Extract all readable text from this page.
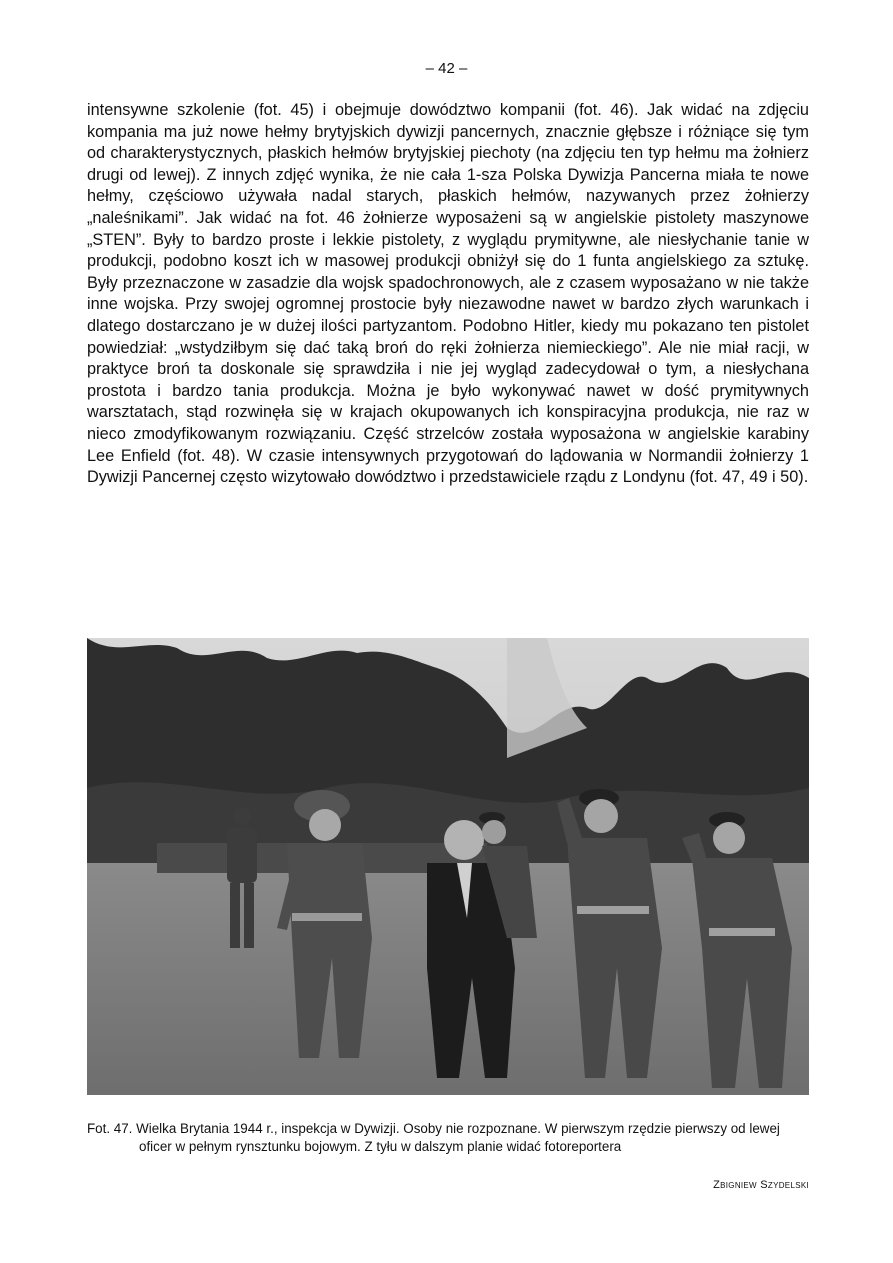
– 42 –

intensywne szkolenie (fot. 45) i obejmuje dowództwo kompanii (fot. 46). Jak widać na zdjęciu kompania ma już nowe hełmy brytyjskich dywizji pancernych, znacznie głębsze i różniące się tym od charakterystycznych, płaskich hełmów brytyjskiej piechoty (na zdjęciu ten typ hełmu ma żołnierz drugi od lewej). Z innych zdjęć wynika, że nie cała 1-sza Polska Dywizja Pancerna miała te nowe hełmy, częściowo używała nadal starych, płaskich hełmów, nazywanych przez żołnierzy „naleśnikami”. Jak widać na fot. 46 żołnierze wyposażeni są w angielskie pistolety maszynowe „STEN”. Były to bardzo proste i lekkie pistolety, z wyglądu prymitywne, ale niesłychanie tanie w produkcji, podobno koszt ich w masowej produkcji obniżył się do 1 funta angielskiego za sztukę. Były przeznaczone w zasadzie dla wojsk spadochronowych, ale z czasem wyposażano w nie także inne wojska. Przy swojej ogromnej prostocie były niezawodne nawet w bardzo złych warunkach i dlatego dostarczano je w dużej ilości partyzantom. Podobno Hitler, kiedy mu pokazano ten pistolet powiedział: „wstydziłbym się dać taką broń do ręki żołnierza niemieckiego”. Ale nie miał racji, w praktyce broń ta doskonale się sprawdziła i nie jej wygląd zadecydował o tym, a niesłychana prostota i bardzo tania produkcja. Można je było wykonywać nawet w dość prymitywnych warsztatach, stąd rozwinęła się w krajach okupowanych ich konspiracyjna produkcja, nie raz w nieco zmodyfikowanym rozwiązaniu. Część strzelców została wyposażona w angielskie karabiny Lee Enfield (fot. 48). W czasie intensywnych przygotowań do lądowania w Normandii żołnierzy 1 Dywizji Pancernej często wizytowało dowództwo i przedstawiciele rządu z Londynu (fot. 47, 49 i 50).

Fot. 47. Wielka Brytania 1944 r., inspekcja w Dywizji. Osoby nie rozpoznane. W pierwszym rzędzie pierwszy od lewej oficer w pełnym rynsztunku bojowym. Z tyłu w dalszym planie widać fotoreportera

Zbigniew Szydelski
